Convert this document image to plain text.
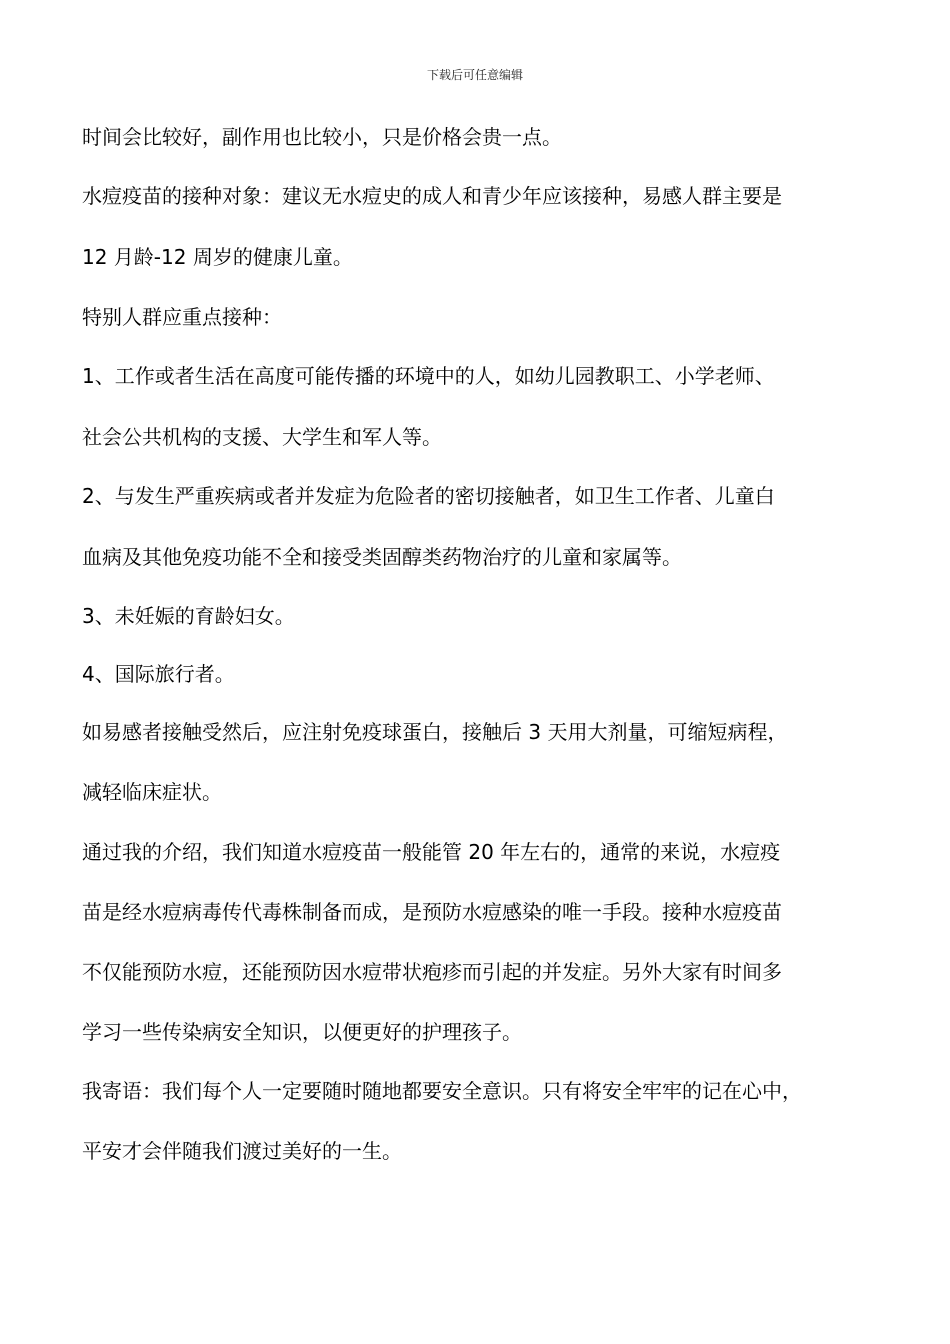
下载后可任意编辑
时间会比较好，副作用也比较小，只是价格会贵一点。
水痘疫苗的接种对象：建议无水痘史的成人和青少年应该接种，易感人群主要是
12 月龄-12 周岁的健康儿童。
特别人群应重点接种：
1、工作或者生活在高度可能传播的环境中的人，如幼儿园教职工、小学老师、
社会公共机构的支援、大学生和军人等。
2、与发生严重疾病或者并发症为危险者的密切接触者，如卫生工作者、儿童白
血病及其他免疫功能不全和接受类固醇类药物治疗的儿童和家属等。
3、未妊娠的育龄妇女。
4、国际旅行者。
如易感者接触受然后，应注射免疫球蛋白，接触后 3 天用大剂量，可缩短病程，
减轻临床症状。
通过我的介绍，我们知道水痘疫苗一般能管 20 年左右的，通常的来说，水痘疫
苗是经水痘病毒传代毒株制备而成，是预防水痘感染的唯一手段。接种水痘疫苗
不仅能预防水痘，还能预防因水痘带状疱疹而引起的并发症。另外大家有时间多
学习一些传染病安全知识，以便更好的护理孩子。
我寄语：我们每个人一定要随时随地都要安全意识。只有将安全牢牢的记在心中，
平安才会伴随我们渡过美好的一生。
